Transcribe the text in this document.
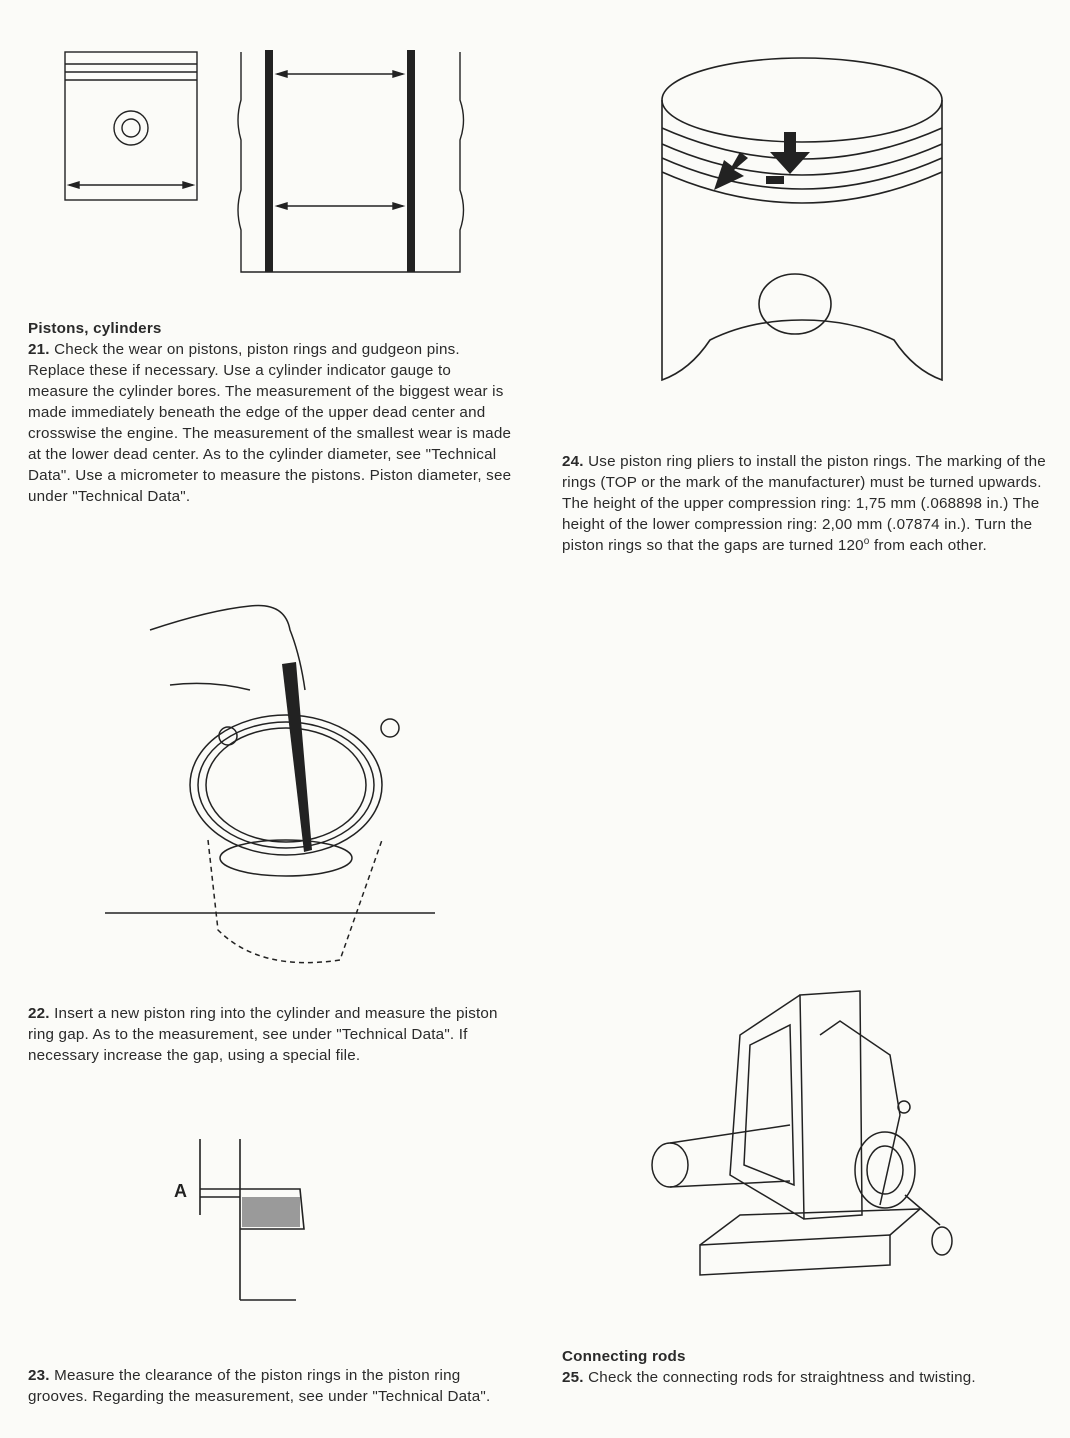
Pistons, cylinders
21. Check the wear on pistons, piston rings and gudgeon pins. Replace these if necessary. Use a cylinder indicator gauge to measure the cylinder bores. The measurement of the biggest wear is made immediately beneath the edge of the upper dead center and crosswise the engine. The measurement of the smallest wear is made at the lower dead center. As to the cylinder diameter, see "Technical Data". Use a micrometer to measure the pistons. Piston diameter, see under "Technical Data".

24. Use piston ring pliers to install the piston rings. The marking of the rings (TOP or the mark of the manufacturer) must be turned upwards. The height of the upper compression ring: 1,75 mm (.068898 in.) The height of the lower compression ring: 2,00 mm (.07874 in.). Turn the piston rings so that the gaps are turned 120$^o$ from each other.

22. Insert a new piston ring into the cylinder and measure the piston ring gap. As to the measurement, see under "Technical Data". If necessary increase the gap, using a special file.

A

23. Measure the clearance of the piston rings in the piston ring grooves. Regarding the measurement, see under "Technical Data".

Connecting rods
25. Check the connecting rods for straightness and twisting.
